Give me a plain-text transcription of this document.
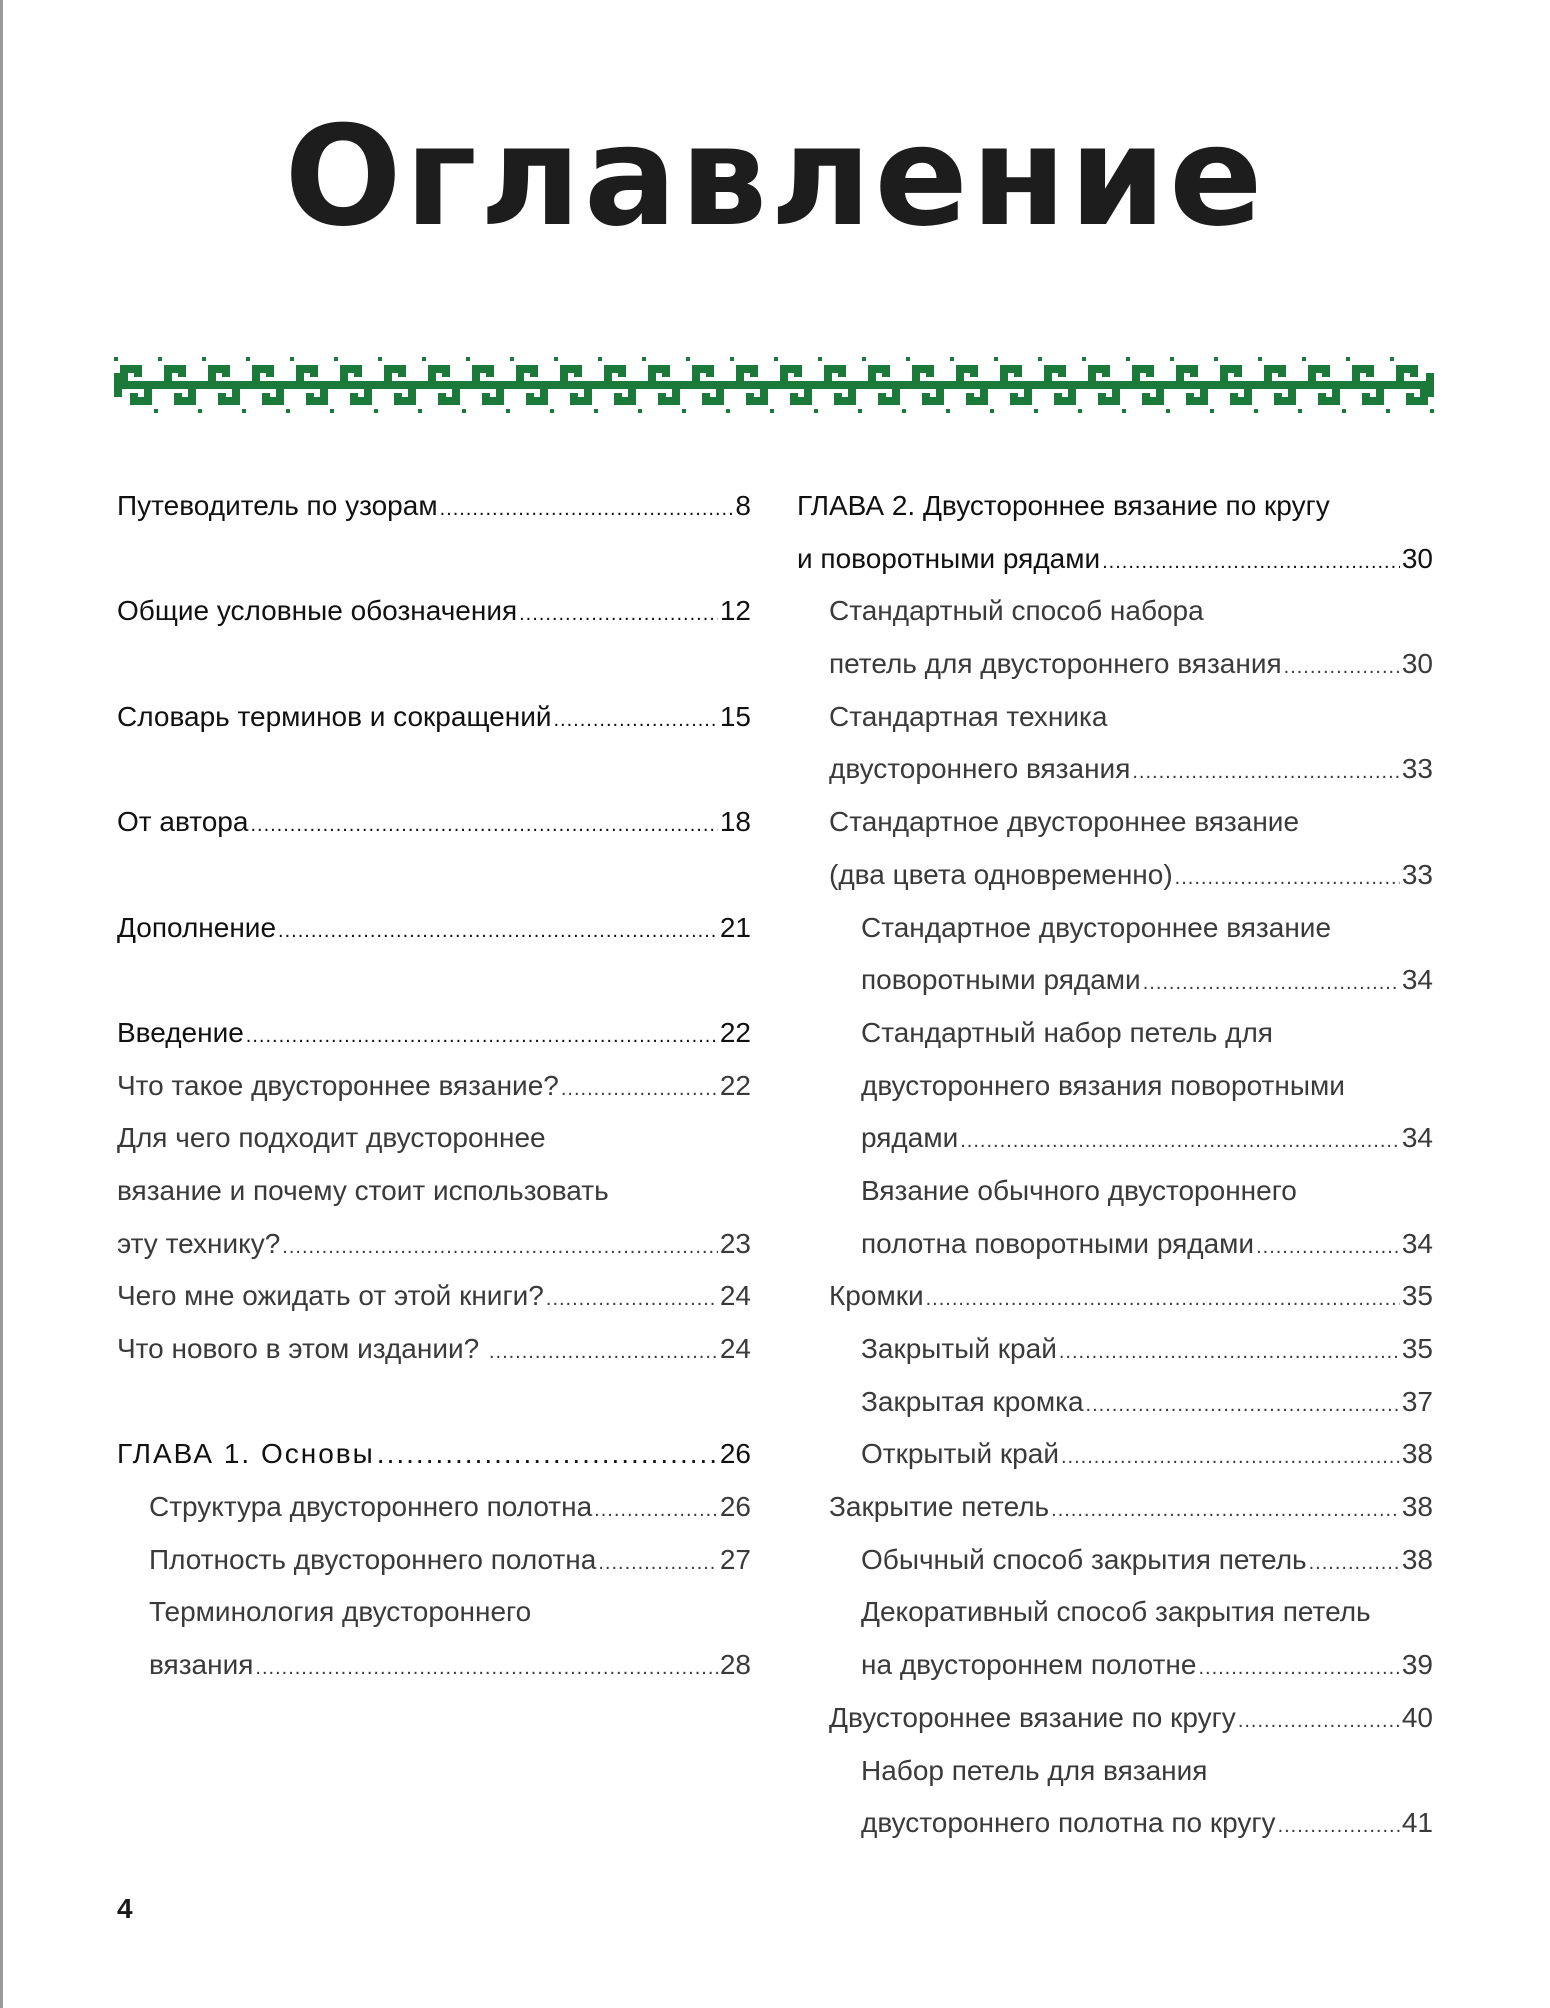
Оглавление
Путеводитель по узорам .....	8
Общие условные обозначения .....	12
Словарь терминов и сокращений .....	15
От автора .....	18
Дополнение .....	21
Введение .....	22
Что такое двустороннее вязание? .....	22
Для чего подходит двустороннее
вязание и почему стоит использовать
эту технику? .....	23
Чего мне ожидать от этой книги? .....	24
Что нового в этом издании? .....	24
ГЛАВА 1. Основы .....	26
Структура двустороннего полотна .....	26
Плотность двустороннего полотна .....	27
Терминология двустороннего
вязания .....	28
ГЛАВА 2. Двустороннее вязание по кругу
и поворотными рядами .....	30
Стандартный способ набора
петель для двустороннего вязания .....	30
Стандартная техника
двустороннего вязания .....	33
Стандартное двустороннее вязание
(два цвета одновременно) .....	33
Стандартное двустороннее вязание
поворотными рядами .....	34
Стандартный набор петель для
двустороннего вязания поворотными
рядами .....	34
Вязание обычного двустороннего
полотна поворотными рядами .....	34
Кромки .....	35
Закрытый край .....	35
Закрытая кромка .....	37
Открытый край .....	38
Закрытие петель .....	38
Обычный способ закрытия петель .....	38
Декоративный способ закрытия петель
на двустороннем полотне .....	39
Двустороннее вязание по кругу .....	40
Набор петель для вязания
двустороннего полотна по кругу .....	41
4
